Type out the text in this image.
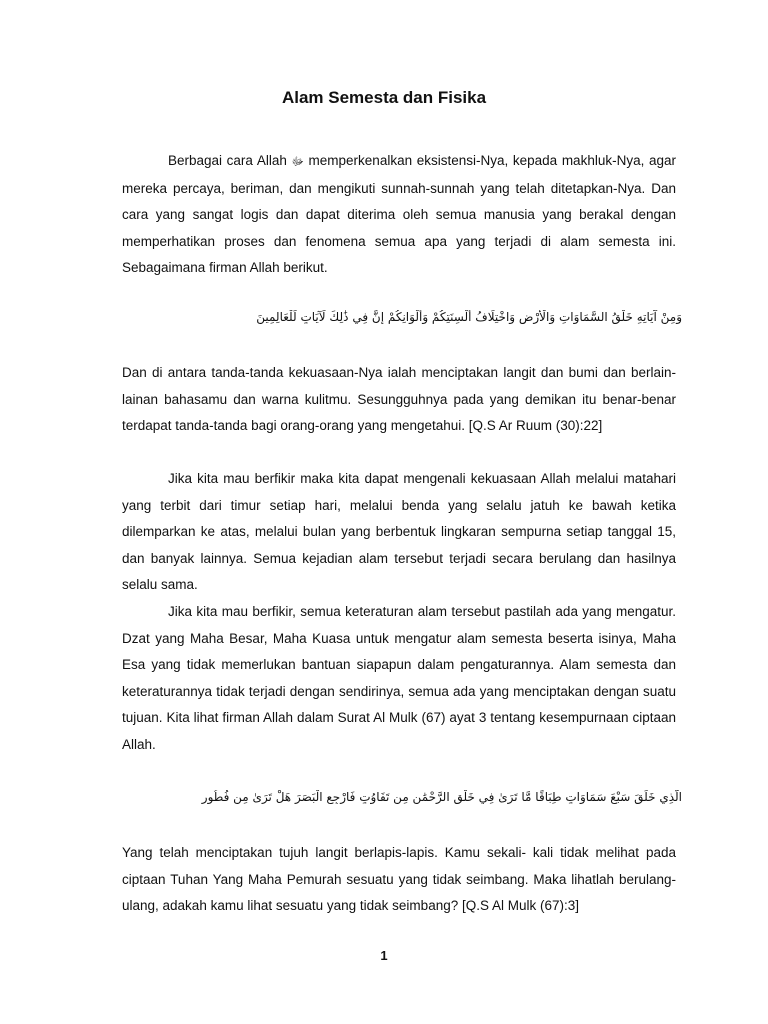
Alam Semesta dan Fisika

Berbagai cara Allah ﷻ memperkenalkan eksistensi-Nya, kepada makhluk-Nya, agar mereka percaya, beriman, dan mengikuti sunnah-sunnah yang telah ditetapkan-Nya. Dan cara yang sangat logis dan dapat diterima oleh semua manusia yang berakal dengan memperhatikan proses dan fenomena semua apa yang terjadi di alam semesta ini. Sebagaimana firman Allah berikut.

وَمِنْ آيَاتِهِ خَلْقُ السَّمَاوَاتِ وَالْأَرْضِ وَاخْتِلَافُ أَلْسِنَتِكُمْ وَأَلْوَانِكُمْ إِنَّ فِي ذَٰلِكَ لَآيَاتٍ لِّلْعَالِمِينَ

Dan di antara tanda-tanda kekuasaan-Nya ialah menciptakan langit dan bumi dan berlain-lainan bahasamu dan warna kulitmu. Sesungguhnya pada yang demikan itu benar-benar terdapat tanda-tanda bagi orang-orang yang mengetahui. [Q.S Ar Ruum (30):22]

Jika kita mau berfikir maka kita dapat mengenali kekuasaan Allah melalui matahari yang terbit dari timur setiap hari, melalui benda yang selalu jatuh ke bawah ketika dilemparkan ke atas, melalui bulan yang berbentuk lingkaran sempurna setiap tanggal 15, dan banyak lainnya. Semua kejadian alam tersebut terjadi secara berulang dan hasilnya selalu sama.

Jika kita mau berfikir, semua keteraturan alam tersebut pastilah ada yang mengatur. Dzat yang Maha Besar, Maha Kuasa untuk mengatur alam semesta beserta isinya, Maha Esa yang tidak memerlukan bantuan siapapun dalam pengaturannya. Alam semesta dan keteraturannya tidak terjadi dengan sendirinya, semua ada yang menciptakan dengan suatu tujuan. Kita lihat firman Allah dalam Surat Al Mulk (67) ayat 3 tentang kesempurnaan ciptaan Allah.

الَّذِي خَلَقَ سَبْعَ سَمَاوَاتٍ طِبَاقًا مَّا تَرَىٰ فِي خَلْقِ الرَّحْمَٰنِ مِن تَفَاوُتٍ فَارْجِعِ الْبَصَرَ هَلْ تَرَىٰ مِن فُطُورٍ

Yang telah menciptakan tujuh langit berlapis-lapis. Kamu sekali- kali tidak melihat pada ciptaan Tuhan Yang Maha Pemurah sesuatu yang tidak seimbang. Maka lihatlah berulang-ulang, adakah kamu lihat sesuatu yang tidak seimbang? [Q.S Al Mulk (67):3]

1
